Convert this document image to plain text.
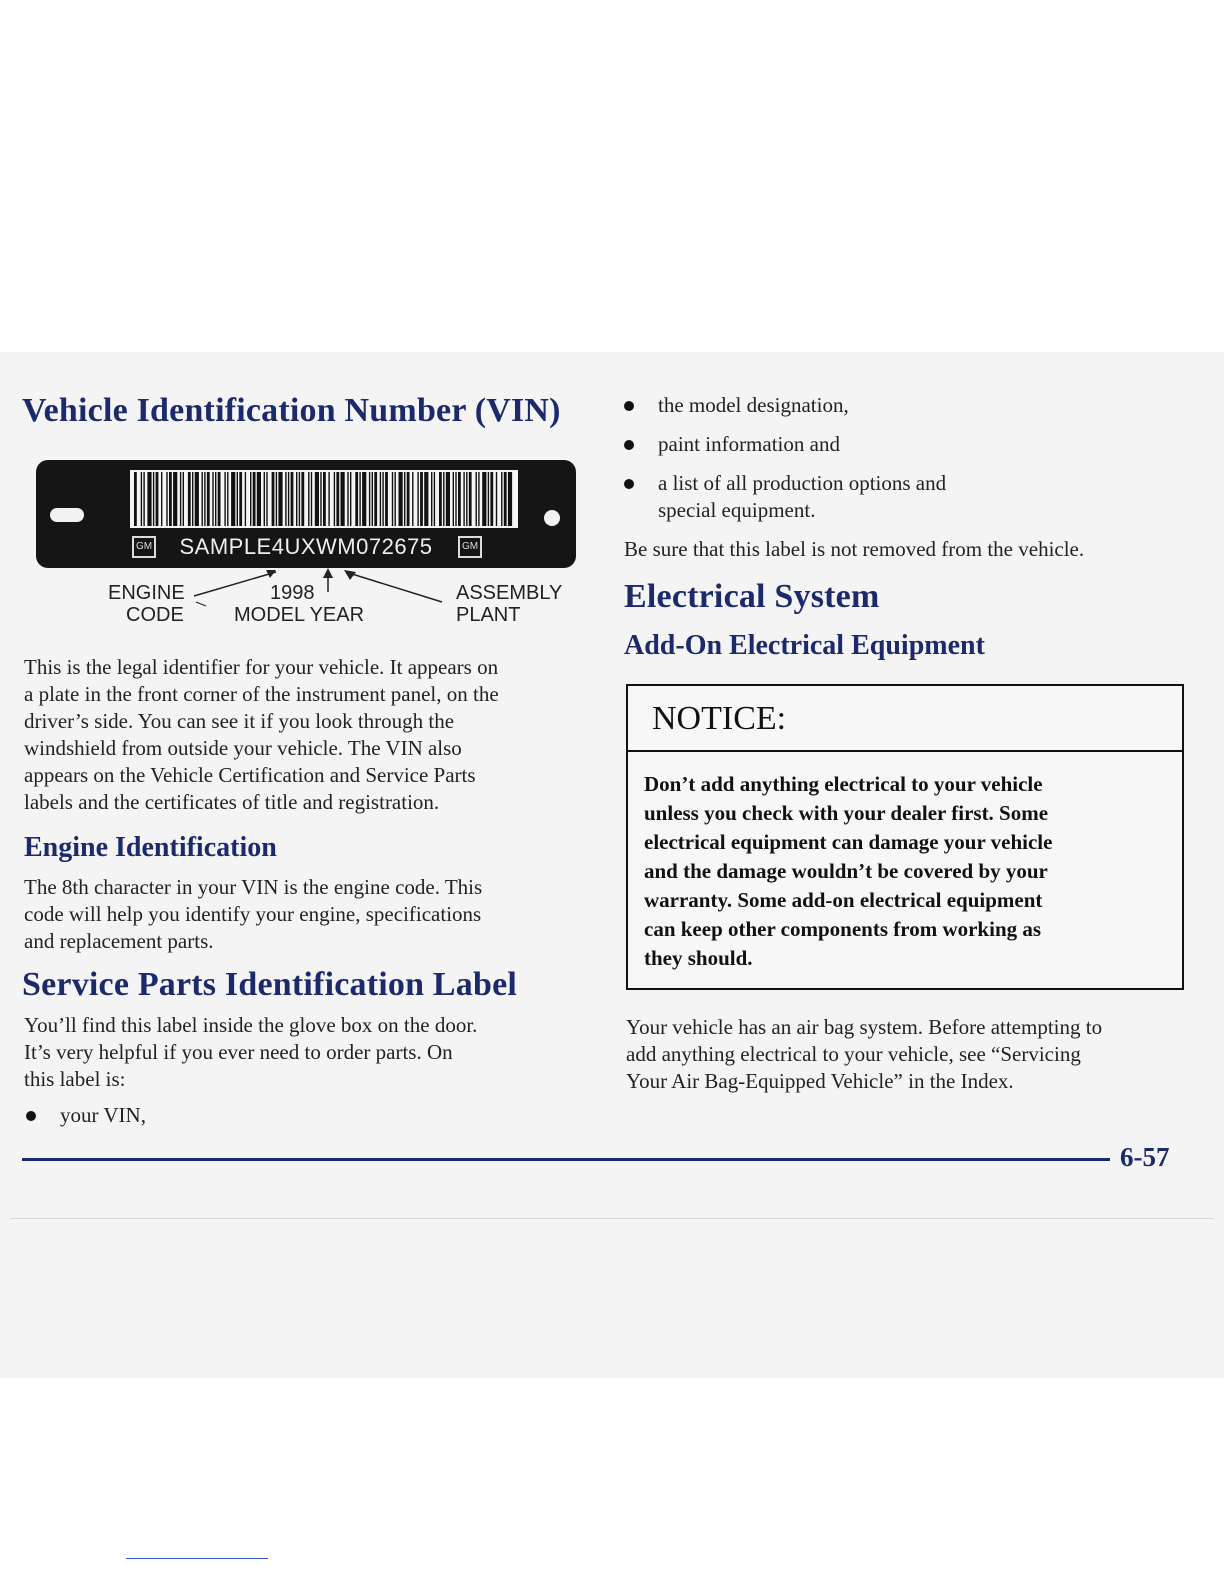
Vehicle Identification Number (VIN)
GM	SAMPLE4UXWM072675	GM
ENGINE
CODE
1998
MODEL YEAR
ASSEMBLY
PLANT

This is the legal identifier for your vehicle. It appears on
a plate in the front corner of the instrument panel, on the
driver’s side. You can see it if you look through the
windshield from outside your vehicle. The VIN also
appears on the Vehicle Certification and Service Parts
labels and the certificates of title and registration.

Engine Identification

The 8th character in your VIN is the engine code. This
code will help you identify your engine, specifications
and replacement parts.

Service Parts Identification Label

You’ll find this label inside the glove box on the door.
It’s very helpful if you ever need to order parts. On
this label is:

your VIN,
the model designation,
paint information and
a list of all production options and
special equipment.

Be sure that this label is not removed from the vehicle.

Electrical System
Add-On Electrical Equipment
NOTICE:
Don’t add anything electrical to your vehicle
unless you check with your dealer first. Some
electrical equipment can damage your vehicle
and the damage wouldn’t be covered by your
warranty. Some add-on electrical equipment
can keep other components from working as
they should.

Your vehicle has an air bag system. Before attempting to
add anything electrical to your vehicle, see “Servicing
Your Air Bag-Equipped Vehicle” in the Index.

6-57
